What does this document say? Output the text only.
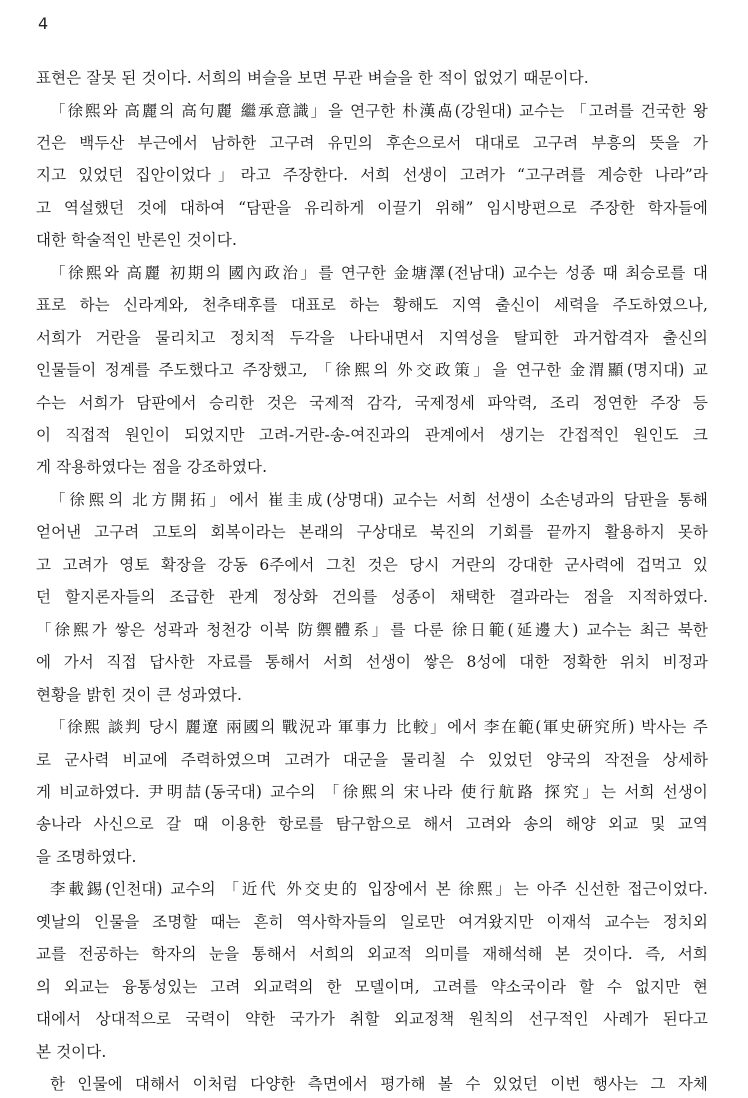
4
표현은 잘못 된 것이다. 서희의 벼슬을 보면 무관 벼슬을 한 적이 없었기 때문이다.
「徐熙와 高麗의 高句麗 繼承意識」을 연구한 朴漢卨(강원대) 교수는 「고려를 건국한 왕
건은 백두산 부근에서 남하한 고구려 유민의 후손으로서 대대로 고구려 부흥의 뜻을 가
지고 있었던 집안이었다」라고 주장한다. 서희 선생이 고려가 “고구려를 계승한 나라”라
고 역설했던 것에 대하여 “담판을 유리하게 이끌기 위해” 임시방편으로 주장한 학자들에
대한 학술적인 반론인 것이다.
「徐熙와 高麗 初期의 國內政治」를 연구한 金塘澤(전남대) 교수는 성종 때 최승로를 대
표로 하는 신라계와, 천추태후를 대표로 하는 황해도 지역 출신이 세력을 주도하였으나,
서희가 거란을 물리치고 정치적 두각을 나타내면서 지역성을 탈피한 과거합격자 출신의
인물들이 정계를 주도했다고 주장했고, 「徐熙의 外交政策」을 연구한 金渭顯(명지대) 교
수는 서희가 담판에서 승리한 것은 국제적 감각, 국제정세 파악력, 조리 정연한 주장 등
이 직접적 원인이 되었지만 고려-거란-송-여진과의 관계에서 생기는 간접적인 원인도 크
게 작용하였다는 점을 강조하였다.
「徐熙의 北方開拓」에서 崔圭成(상명대) 교수는 서희 선생이 소손녕과의 담판을 통해
얻어낸 고구려 고토의 회복이라는 본래의 구상대로 북진의 기회를 끝까지 활용하지 못하
고 고려가 영토 확장을 강동 6주에서 그친 것은 당시 거란의 강대한 군사력에 겁먹고 있
던 할지론자들의 조급한 관계 정상화 건의를 성종이 채택한 결과라는 점을 지적하였다.
「徐熙가 쌓은 성곽과 청천강 이북 防禦體系」를 다룬 徐日範(延邊大) 교수는 최근 북한
에 가서 직접 답사한 자료를 통해서 서희 선생이 쌓은 8성에 대한 정확한 위치 비정과
현황을 밝힌 것이 큰 성과였다.
「徐熙 談判 당시 麗遼 兩國의 戰況과 軍事力 比較」에서 李在範(軍史硏究所) 박사는 주
로 군사력 비교에 주력하였으며 고려가 대군을 물리칠 수 있었던 양국의 작전을 상세하
게 비교하였다. 尹明喆(동국대) 교수의 「徐熙의 宋나라 使行航路 探究」는 서희 선생이
송나라 사신으로 갈 때 이용한 항로를 탐구함으로 해서 고려와 송의 해양 외교 및 교역
을 조명하였다.
李載錫(인천대) 교수의 「近代 外交史的 입장에서 본 徐熙」는 아주 신선한 접근이었다.
옛날의 인물을 조명할 때는 흔히 역사학자들의 일로만 여겨왔지만 이재석 교수는 정치외
교를 전공하는 학자의 눈을 통해서 서희의 외교적 의미를 재해석해 본 것이다. 즉, 서희
의 외교는 융통성있는 고려 외교력의 한 모델이며, 고려를 약소국이라 할 수 없지만 현
대에서 상대적으로 국력이 약한 국가가 취할 외교정책 원칙의 선구적인 사례가 된다고
본 것이다.
한 인물에 대해서 이처럼 다양한 측면에서 평가해 볼 수 있었던 이번 행사는 그 자체
